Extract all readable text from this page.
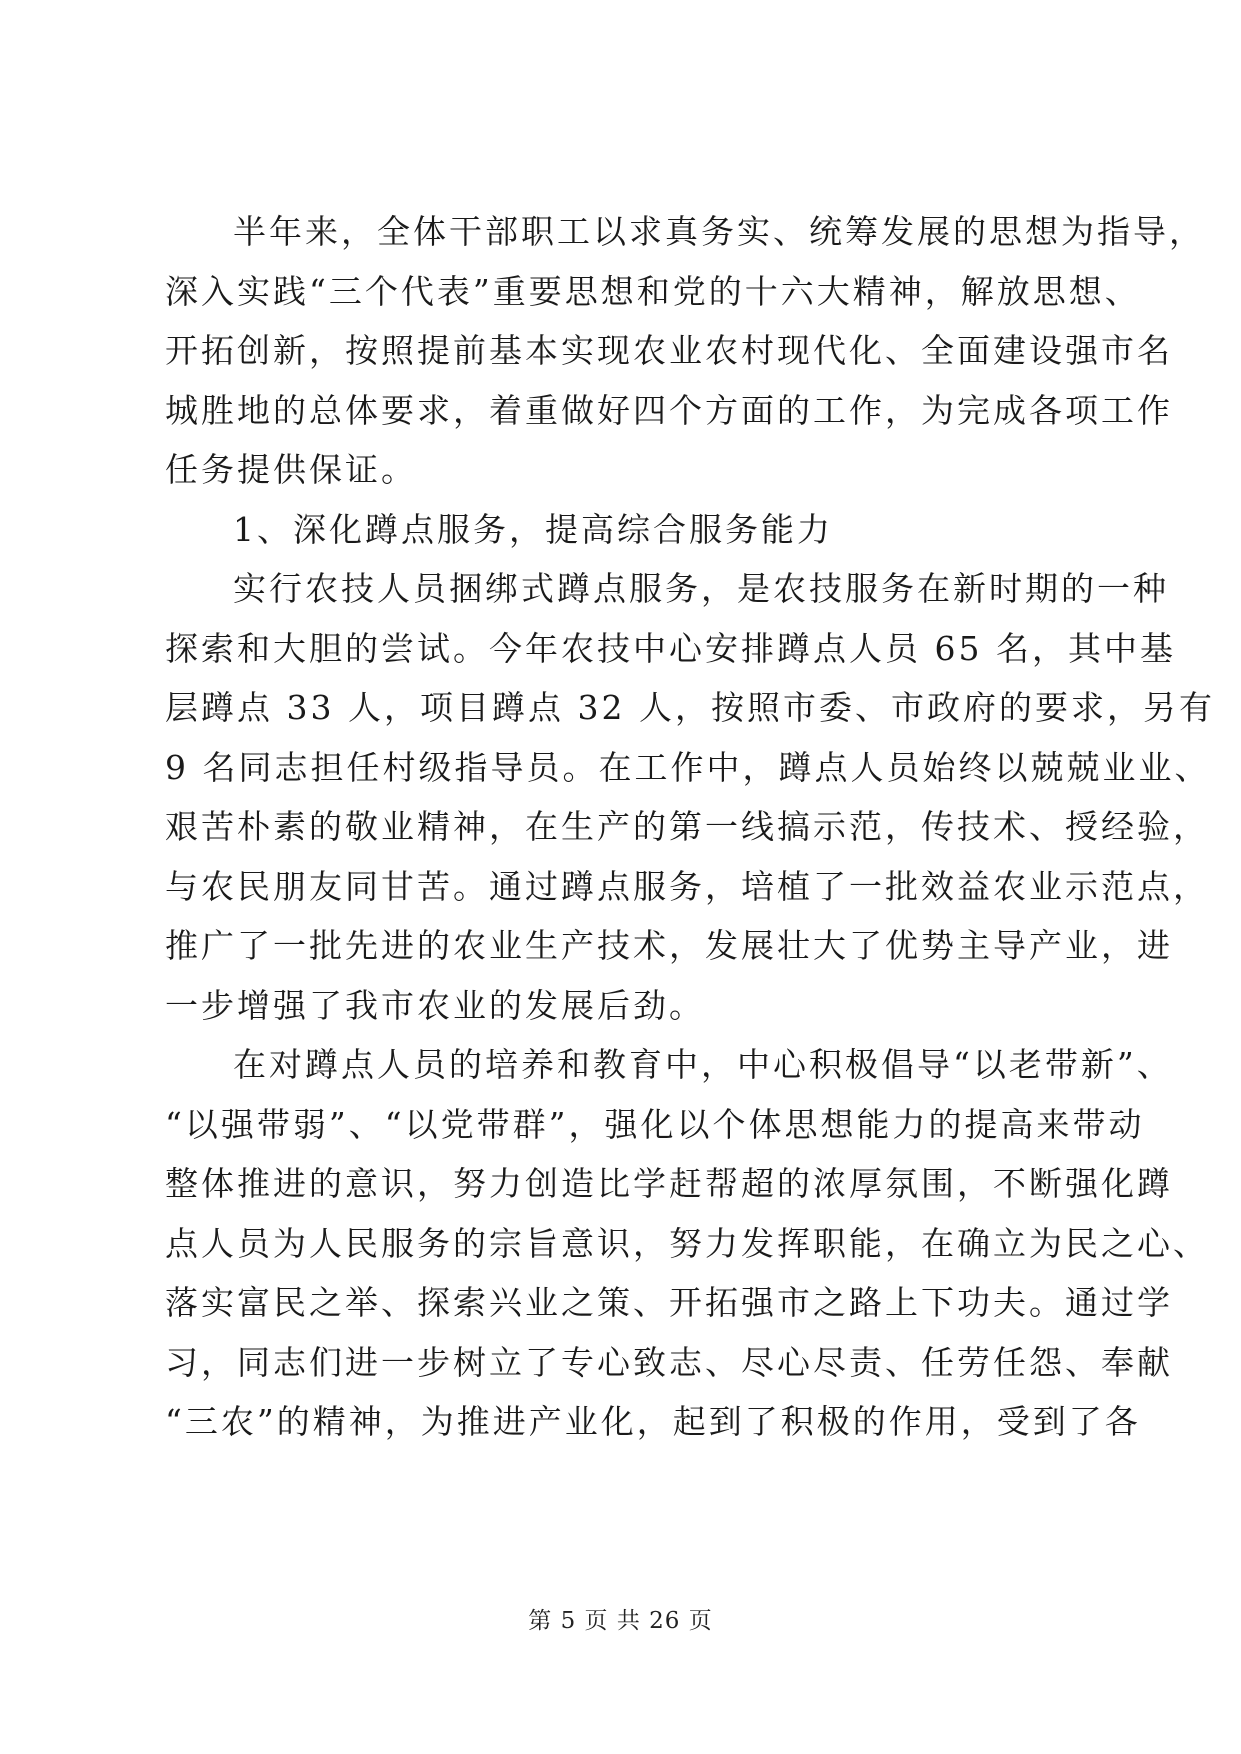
半年来，全体干部职工以求真务实、统筹发展的思想为指导，
深入实践“三个代表”重要思想和党的十六大精神，解放思想、
开拓创新，按照提前基本实现农业农村现代化、全面建设强市名
城胜地的总体要求，着重做好四个方面的工作，为完成各项工作
任务提供保证。
1、深化蹲点服务，提高综合服务能力
实行农技人员捆绑式蹲点服务，是农技服务在新时期的一种
探索和大胆的尝试。今年农技中心安排蹲点人员 65 名，其中基
层蹲点 33 人，项目蹲点 32 人，按照市委、市政府的要求，另有
9 名同志担任村级指导员。在工作中，蹲点人员始终以兢兢业业、
艰苦朴素的敬业精神，在生产的第一线搞示范，传技术、授经验，
与农民朋友同甘苦。通过蹲点服务，培植了一批效益农业示范点，
推广了一批先进的农业生产技术，发展壮大了优势主导产业，进
一步增强了我市农业的发展后劲。
在对蹲点人员的培养和教育中，中心积极倡导“以老带新”、
“以强带弱”、“以党带群”，强化以个体思想能力的提高来带动
整体推进的意识，努力创造比学赶帮超的浓厚氛围，不断强化蹲
点人员为人民服务的宗旨意识，努力发挥职能，在确立为民之心、
落实富民之举、探索兴业之策、开拓强市之路上下功夫。通过学
习，同志们进一步树立了专心致志、尽心尽责、任劳任怨、奉献
“三农”的精神，为推进产业化，起到了积极的作用，受到了各
第 5 页 共 26 页
